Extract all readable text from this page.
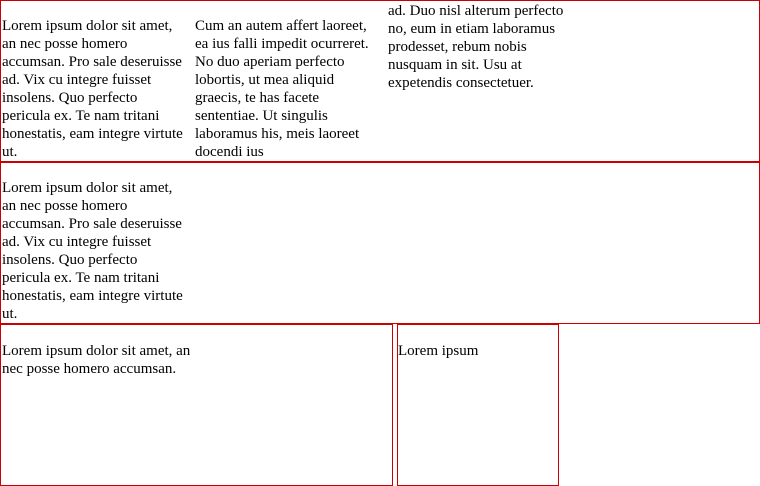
Lorem ipsum dolor sit amet, an nec posse homero accumsan. Pro sale deseruisse ad. Vix cu integre fuisset insolens. Quo perfecto pericula ex. Te nam tritani honestatis, eam integre virtute ut.

Cum an autem affert laoreet, ea ius falli impedit ocurreret. No duo aperiam perfecto lobortis, ut mea aliquid graecis, te has facete sententiae. Ut singulis laboramus his, meis laoreet docendi ius

ad. Duo nisl alterum perfecto no, eum in etiam laboramus prodesset, rebum nobis nusquam in sit. Usu at expetendis consectetuer.

Lorem ipsum dolor sit amet, an nec posse homero accumsan. Pro sale deseruisse ad. Vix cu integre fuisset insolens. Quo perfecto pericula ex. Te nam tritani honestatis, eam integre virtute ut.

Lorem ipsum dolor sit amet, an nec posse homero accumsan.

Lorem ipsum
